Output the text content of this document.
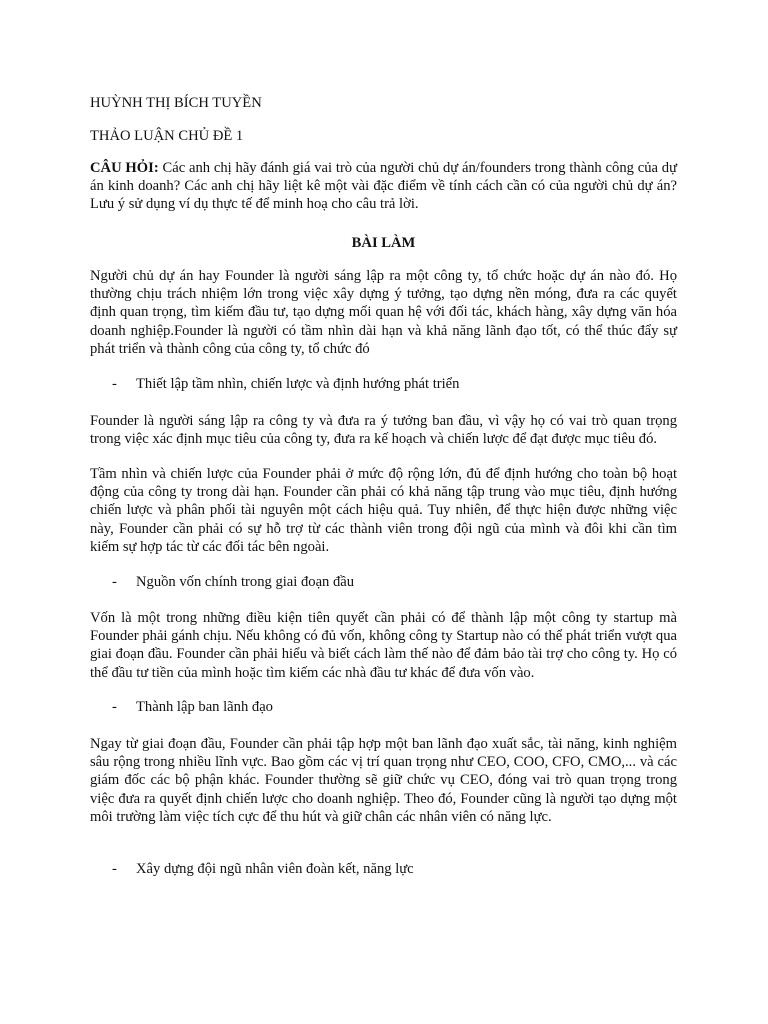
HUỲNH THỊ BÍCH TUYỀN
THẢO LUẬN CHỦ ĐỀ 1

CÂU HỎI: Các anh chị hãy đánh giá vai trò của người chủ dự án/founders trong thành công của dự án kinh doanh? Các anh chị hãy liệt kê một vài đặc điểm về tính cách cần có của người chủ dự án? Lưu ý sử dụng ví dụ thực tế để minh hoạ cho câu trả lời.

BÀI LÀM

Người chủ dự án hay Founder là người sáng lập ra một công ty, tổ chức hoặc dự án nào đó. Họ thường chịu trách nhiệm lớn trong việc xây dựng ý tưởng, tạo dựng nền móng, đưa ra các quyết định quan trọng, tìm kiếm đầu tư, tạo dựng mối quan hệ với đối tác, khách hàng, xây dựng văn hóa doanh nghiệp.Founder là người có tầm nhìn dài hạn và khả năng lãnh đạo tốt, có thể thúc đẩy sự phát triển và thành công của công ty, tổ chức đó

-	Thiết lập tầm nhìn, chiến lược và định hướng phát triển

Founder là người sáng lập ra công ty và đưa ra ý tưởng ban đầu, vì vậy họ có vai trò quan trọng trong việc xác định mục tiêu của công ty, đưa ra kế hoạch và chiến lược để đạt được mục tiêu đó.

Tầm nhìn và chiến lược của Founder phải ở mức độ rộng lớn, đủ để định hướng cho toàn bộ hoạt động của công ty trong dài hạn. Founder cần phải có khả năng tập trung vào mục tiêu, định hướng chiến lược và phân phối tài nguyên một cách hiệu quả. Tuy nhiên, để thực hiện được những việc này, Founder cần phải có sự hỗ trợ từ các thành viên trong đội ngũ của mình và đôi khi cần tìm kiếm sự hợp tác từ các đối tác bên ngoài.

-	Nguồn vốn chính trong giai đoạn đầu

Vốn là một trong những điều kiện tiên quyết cần phải có để thành lập một công ty startup mà Founder phải gánh chịu. Nếu không có đủ vốn, không công ty Startup nào có thể phát triển vượt qua giai đoạn đầu. Founder cần phải hiểu và biết cách làm thế nào để đảm bảo tài trợ cho công ty. Họ có thể đầu tư tiền của mình hoặc tìm kiếm các nhà đầu tư khác để đưa vốn vào.

-	Thành lập ban lãnh đạo

Ngay từ giai đoạn đầu, Founder cần phải tập hợp một ban lãnh đạo xuất sắc, tài năng, kinh nghiệm sâu rộng trong nhiều lĩnh vực. Bao gồm các vị trí quan trọng như CEO, COO, CFO, CMO,... và các giám đốc các bộ phận khác. Founder thường sẽ giữ chức vụ CEO, đóng vai trò quan trọng trong việc đưa ra quyết định chiến lược cho doanh nghiệp. Theo đó, Founder cũng là người tạo dựng một môi trường làm việc tích cực để thu hút và giữ chân các nhân viên có năng lực.

-	Xây dựng đội ngũ nhân viên đoàn kết, năng lực
